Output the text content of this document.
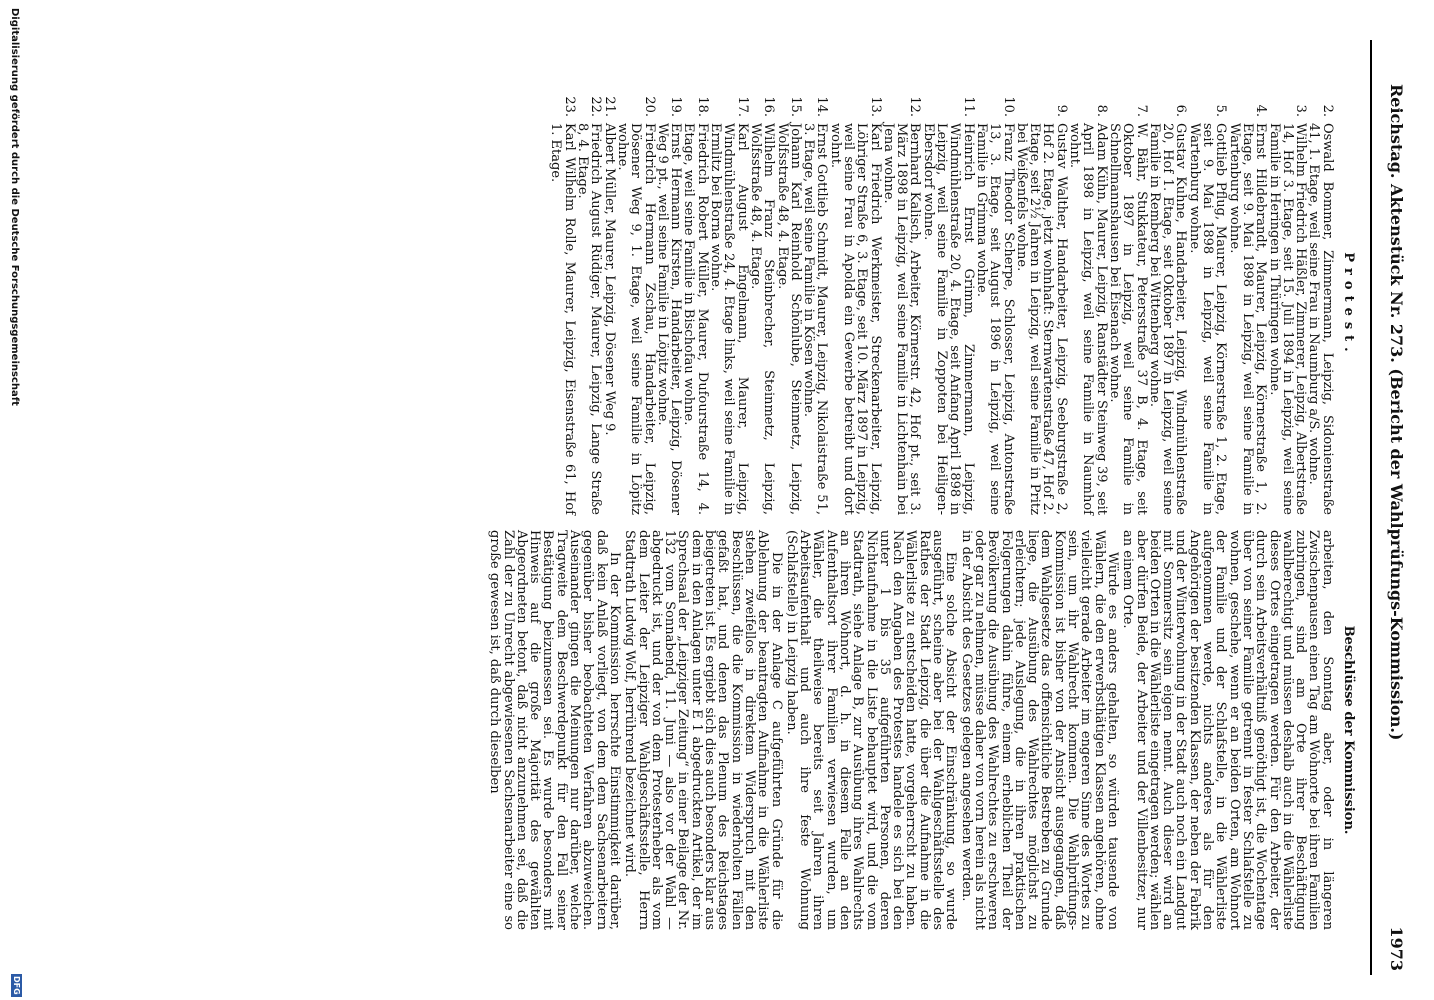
Reichstag. Aktenstück Nr. 273. (Bericht der Wahlprüfungs-Kommission.)
1973
Protest.
2.
Oswald Bommer, Zimmermann, Leipzig, Sidonienstraße 41, 1. Etage, weil seine Frau in Naumburg a/S. wohne.
3.
Wilhelm Friedrich Häßler, Zimmerer, Leipzig, Albertstraße 14, Hof 3. Etage, seit 15. Juli 1894 in Leipzig, weil seine Familie in Heringen in Thüringen wohne.
4.
Ernst Hildebrandt, Maurer, Leipzig, Körnerstraße 1, 2. Etage, seit 9. Mai 1898 in Leipzig, weil seine Familie in Wartenburg wohne.
5.
Gottlieb Pflug, Maurer, Leipzig, Körnerstraße 1, 2. Etage, seit 9. Mai 1898 in Leipzig, weil seine Familie in Wartenburg wohne.
6.
Gustav Kuhne, Handarbeiter, Leipzig, Windmühlenstraße 20, Hof 1. Etage, seit Oktober 1897 in Leipzig, weil seine Familie in Remberg bei Wittenberg wohne.
7.
W. Bähr, Stukkateur, Petersstraße 37 B, 4. Etage, seit Oktober 1897 in Leipzig, weil seine Familie in Schnellmannshausen bei Eisenach wohne.
8.
Adam Kühn, Maurer, Leipzig, Ranstädter Steinweg 39, seit April 1898 in Leipzig, weil seine Familie in Naumhof wohnt.
9.
Gustav Walther, Handarbeiter, Leipzig, Seeburgstraße 2, Hof 2. Etage, jetzt wohnhaft: Sternwartenstraße 47, Hof 2. Etage, seit 2½ Jahren in Leipzig, weil seine Familie in Pritz bei Weißenfels wohne.
10.
Franz Theodor Scherpe, Schlosser, Leipzig, Antonstraße 13, 3. Etage, seit August 1896 in Leipzig, weil seine Familie in Grimma wohne.
11.
Heinrich Ernst Grimm, Zimmermann, Leipzig, Windmühlenstraße 20, 4. Etage, seit Anfang April 1898 in Leipzig, weil seine Familie in Zoppoten bei Heiligen-Ebersdorf wohne.
12.
Bernhard Kalisch, Arbeiter, Körnerstr. 42, Hof pt., seit 3. März 1898 in Leipzig, weil seine Familie in Lichtenhain bei Jena wohne.
13.
Karl Friedrich Werkmeister, Streckenarbeiter, Leipzig, Löhriger Straße 6, 3. Etage, seit 10. März 1897 in Leipzig, weil seine Frau in Apolda ein Gewerbe betreibt und dort wohnt.
14.
Ernst Gottlieb Schmidt, Maurer, Leipzig, Nikolaistraße 51, 3. Etage, weil seine Familie in Kösen wohne.
15.
Johann Karl Reinhold Schönlube, Steinmetz, Leipzig, Wolfsstraße 48, 4. Etage.
16.
Wilhelm Franz Steinbrecher, Steinmetz, Leipzig, Wolfsstraße 48, 4. Etage.
17.
Karl August Engelmann, Maurer, Leipzig, Windmühlenstraße 24, 4. Etage links, weil seine Familie in Ermlitz bei Borna wohne.
18.
Friedrich Robert Müller, Maurer, Dufourstraße 14, 4. Etage, weil seine Familie in Bischofau wohne.
19.
Ernst Hermann Kirsten, Handarbeiter, Leipzig, Dösener Weg 9 pt., weil seine Familie in Löpitz wohne.
20.
Friedrich Hermann Zschau, Handarbeiter, Leipzig, Dösener Weg 9, 1. Etage, weil seine Familie in Löpitz wohne.
21.
Albert Müller, Maurer, Leipzig, Dösener Weg 9.
22.
Friedrich August Rüdiger, Maurer, Leipzig, Lange Straße 8, 4. Etage.
23.
Karl Wilhelm Rolle, Maurer, Leipzig, Eisenstraße 61, Hof 1. Etage.
Beschlüsse der Kommission.

arbeiten, den Sonntag aber, oder in längeren Zwischenpausen einen Tag am Wohnorte bei ihren Familien zubringen, sind am Orte ihrer Beschäftigung wahlberechtigt und müssen deshalb auch in die Wählerliste dieses Ortes eingetragen werden. Für den Arbeiter, der durch sein Arbeitsverhältniß genöthigt ist, die Wochentage über von seiner Familie getrennt in fester Schlafstelle zu wohnen, geschehe, wenn er an beiden Orten, am Wohnort der Familie und der Schlafstelle, in die Wählerliste aufgenommen werde, nichts anderes als für den Angehörigen der besitzenden Klassen, der neben der Fabrik und der Winterwohnung in der Stadt auch noch ein Landgut mit Sommersitz sein eigen nennt. Auch dieser wird an beiden Orten in die Wählerliste eingetragen werden; wählen aber dürfen Beide, der Arbeiter und der Villenbesitzer, nur an einem Orte.

Würde es anders gehalten, so würden tausende von Wählern, die den erwerbsthätigen Klassen angehören, ohne vielleicht gerade Arbeiter im engeren Sinne des Wortes zu sein, um ihr Wahlrecht kommen. Die Wahlprüfungs-Kommission ist bisher von der Ansicht ausgegangen, daß dem Wahlgesetze das offensichtliche Bestreben zu Grunde liege, die Ausübung des Wahlrechtes möglichst zu erleichtern; jede Auslegung, die in ihren praktischen Folgerungen dahin führe, einem erheblichen Theil der Bevölkerung die Ausübung des Wahlrechtes zu erschweren oder gar zu nehmen, müsse daher von vorn herein als nicht in der Absicht des Gesetzes gelegen angesehen werden.

Eine solche Absicht der Einschränkung, so wurde ausgeführt, scheine aber bei der Wahlgeschäftsstelle des Rathes der Stadt Leipzig, die über die Aufnahme in die Wählerliste zu entscheiden hatte, vorgeherrscht zu haben. Nach den Angaben des Protestes handele es sich bei den unter 1 bis 35 aufgeführten Personen, deren Nichtaufnahme in die Liste behauptet wird, und die vom Stadtrath, siehe Anlage B, zur Ausübung ihres Wahlrechts an ihren Wohnort, d. h. in diesem Falle an den Aufenthaltsort ihrer Familien verwiesen wurden, um Wähler, die theilweise bereits seit Jahren ihren Arbeitsaufenthalt und auch ihre feste Wohnung (Schlafstelle) in Leipzig haben.

Die in der Anlage C aufgeführten Gründe für die Ablehnung der beantragten Aufnahme in die Wählerliste stehen zweifellos in direktem Widerspruch mit den Beschlüssen, die die Kommission in wiederholten Fällen gefaßt hat, und denen das Plenum des Reichstages beigetreten ist. Es ergiebt sich dies auch besonders klar aus dem in den Anlagen unter E 1 abgedruckten Artikel, der im Sprechsaal der „Leipziger Zeitung“ in einer Beilage der Nr. 132 vom Sonnabend, 11. Juni — also vor der Wahl — abgedruckt ist, und der von dem Protesterheber als vom dem Leiter der Leipziger Wahlgeschäftsstelle, Herrn Stadtrath Ludwig Wolf, herrührend bezeichnet wird.

In der Kommission herrschte Einstimmigkeit darüber, daß kein Anlaß vorliegt, von dem dem Sachsenarbeitern gegenüber bisher beobachteten Verfahren abzuweichen. Auseinander gingen die Meinungen nur darüber, welche Tragweite dem Beschwerdepunkt für den Fall seiner Bestätigung beizumessen sei. Es wurde besonders mit Hinweis auf die große Majorität des gewählten Abgeordneten betont, daß nicht anzunehmen sei, daß die Zahl der zu Unrecht abgewiesenen Sachsenarbeiter eine so große gewesen ist, daß durch dieselben

Digitalisierung gefördert durch die Deutsche Forschungsgemeinschaft
DFG
